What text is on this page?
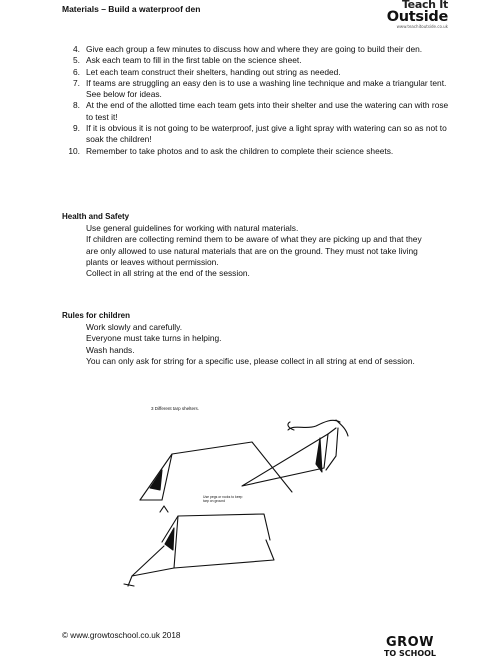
Materials – Build a waterproof den	Teach It
Outside
www.teachitoutside.co.uk
4. Give each group a few minutes to discuss how and where they are going to build their den.
5. Ask each team to fill in the first table on the science sheet.
6. Let each team construct their shelters, handing out string as needed.
7. If teams are struggling an easy den is to use a washing line technique and make a triangular tent. See below for ideas.
8. At the end of the allotted time each team gets into their shelter and use the watering can with rose to test it!
9. If it is obvious it is not going to be waterproof, just give a light spray with watering can so as not to soak the children!
10. Remember to take photos and to ask the children to complete their science sheets.
Health and Safety

Use general guidelines for working with natural materials.

If children are collecting remind them to be aware of what they are picking up and that they are only allowed to use natural materials that are on the ground. They must not take living plants or leaves without permission.

Collect in all string at the end of the session.

Rules for children

Work slowly and carefully.

Everyone must take turns in helping.

Wash hands.

You can only ask for string for a specific use, please collect in all string at end of session.

3 Different tarp shelters.
Use pegs or rocks to keep tarp on ground
© www.growtoschool.co.uk 2018	GROW
TO SCHOOL
